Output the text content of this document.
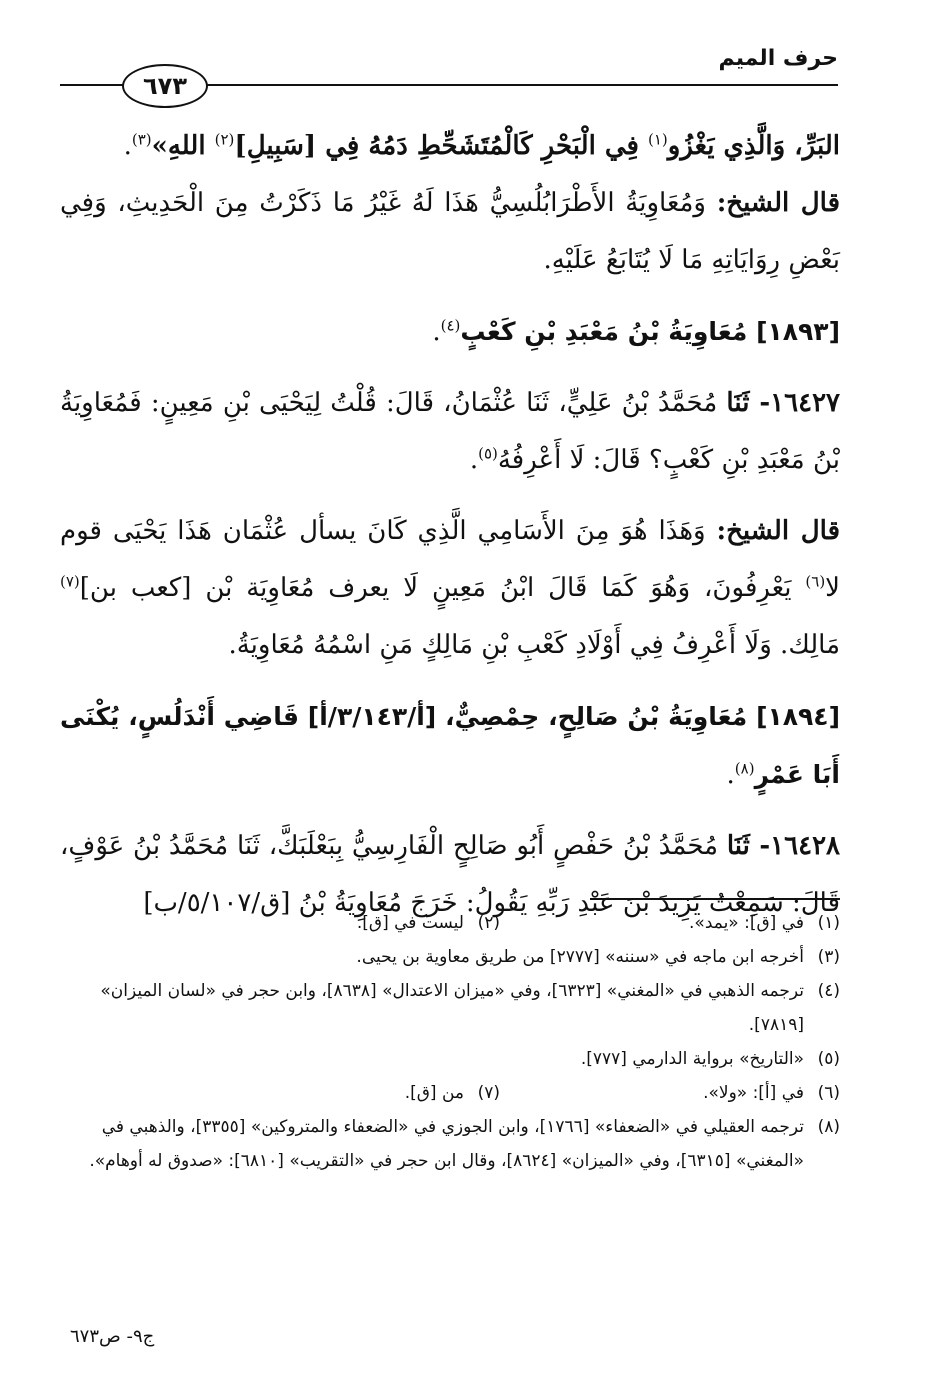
حرف الميم
٦٧٣

البَرِّ، وَالَّذِي يَغْزُو$^{(١)}$ فِي الْبَحْرِ كَالْمُتَشَحِّطِ دَمُهُ فِي [سَبِيلِ]$^{(٢)}$ اللهِ»$^{(٣)}$.

قال الشيخ: وَمُعَاوِيَةُ الأَطْرَابُلُسِيُّ هَذَا لَهُ غَيْرُ مَا ذَكَرْتُ مِنَ الْحَدِيثِ، وَفِي بَعْضِ رِوَايَاتِهِ مَا لَا يُتَابَعُ عَلَيْهِ.

[١٨٩٣] مُعَاوِيَةُ بْنُ مَعْبَدِ بْنِ كَعْبٍ$^{(٤)}$.

١٦٤٢٧- ثَنَا مُحَمَّدُ بْنُ عَلِيٍّ، ثَنَا عُثْمَانُ، قَالَ: قُلْتُ لِيَحْيَى بْنِ مَعِينٍ: فَمُعَاوِيَةُ بْنُ مَعْبَدِ بْنِ كَعْبٍ؟ قَالَ: لَا أَعْرِفُهُ$^{(٥)}$.

قال الشيخ: وَهَذَا هُوَ مِنَ الأَسَامِي الَّذِي كَانَ يسأل عُثْمَان هَذَا يَحْيَى قوم لا$^{(٦)}$ يَعْرِفُونَ، وَهُوَ كَمَا قَالَ ابْنُ مَعِينٍ لَا يعرف مُعَاوِيَة بْن [كعب بن]$^{(٧)}$ مَالِك. وَلَا أَعْرِفُ فِي أَوْلَادِ كَعْبِ بْنِ مَالِكٍ مَنِ اسْمُهُ مُعَاوِيَةُ.

[١٨٩٤] مُعَاوِيَةُ بْنُ صَالِحٍ، حِمْصِيٌّ، [أ/٣/١٤٣/أ] قَاضِي أَنْدَلُسٍ، يُكْنَى أَبَا عَمْرٍ$^{(٨)}$.

١٦٤٢٨- ثَنَا مُحَمَّدُ بْنُ حَفْصٍ أَبُو صَالِحٍ الْفَارِسِيُّ بِبَعْلَبَكَّ، ثَنَا مُحَمَّدُ بْنُ عَوْفٍ، قَالَ: سَمِعْتُ يَزِيدَ بْنَ عَبْدِ رَبِّهِ يَقُولُ: خَرَجَ مُعَاوِيَةُ بْنُ [ق/٥/١٠٧/ب]

(١)في [ق]: «يمد».
(٢)ليست في [ق].

(٣)أخرجه ابن ماجه في «سننه» [٢٧٧٧] من طريق معاوية بن يحيى.

(٤)ترجمه الذهبي في «المغني» [٦٣٢٣]، وفي «ميزان الاعتدال» [٨٦٣٨]، وابن حجر في «لسان الميزان» [٧٨١٩].

(٥)«التاريخ» برواية الدارمي [٧٧٧].

(٦)في [أ]: «ولا».
(٧)من [ق].

(٨)ترجمه العقيلي في «الضعفاء» [١٧٦٦]، وابن الجوزي في «الضعفاء والمتروكين» [٣٣٥٥]، والذهبي في «المغني» [٦٣١٥]، وفي «الميزان» [٨٦٢٤]، وقال ابن حجر في «التقريب» [٦٨١٠]: «صدوق له أوهام».

ج٩- ص٦٧٣
